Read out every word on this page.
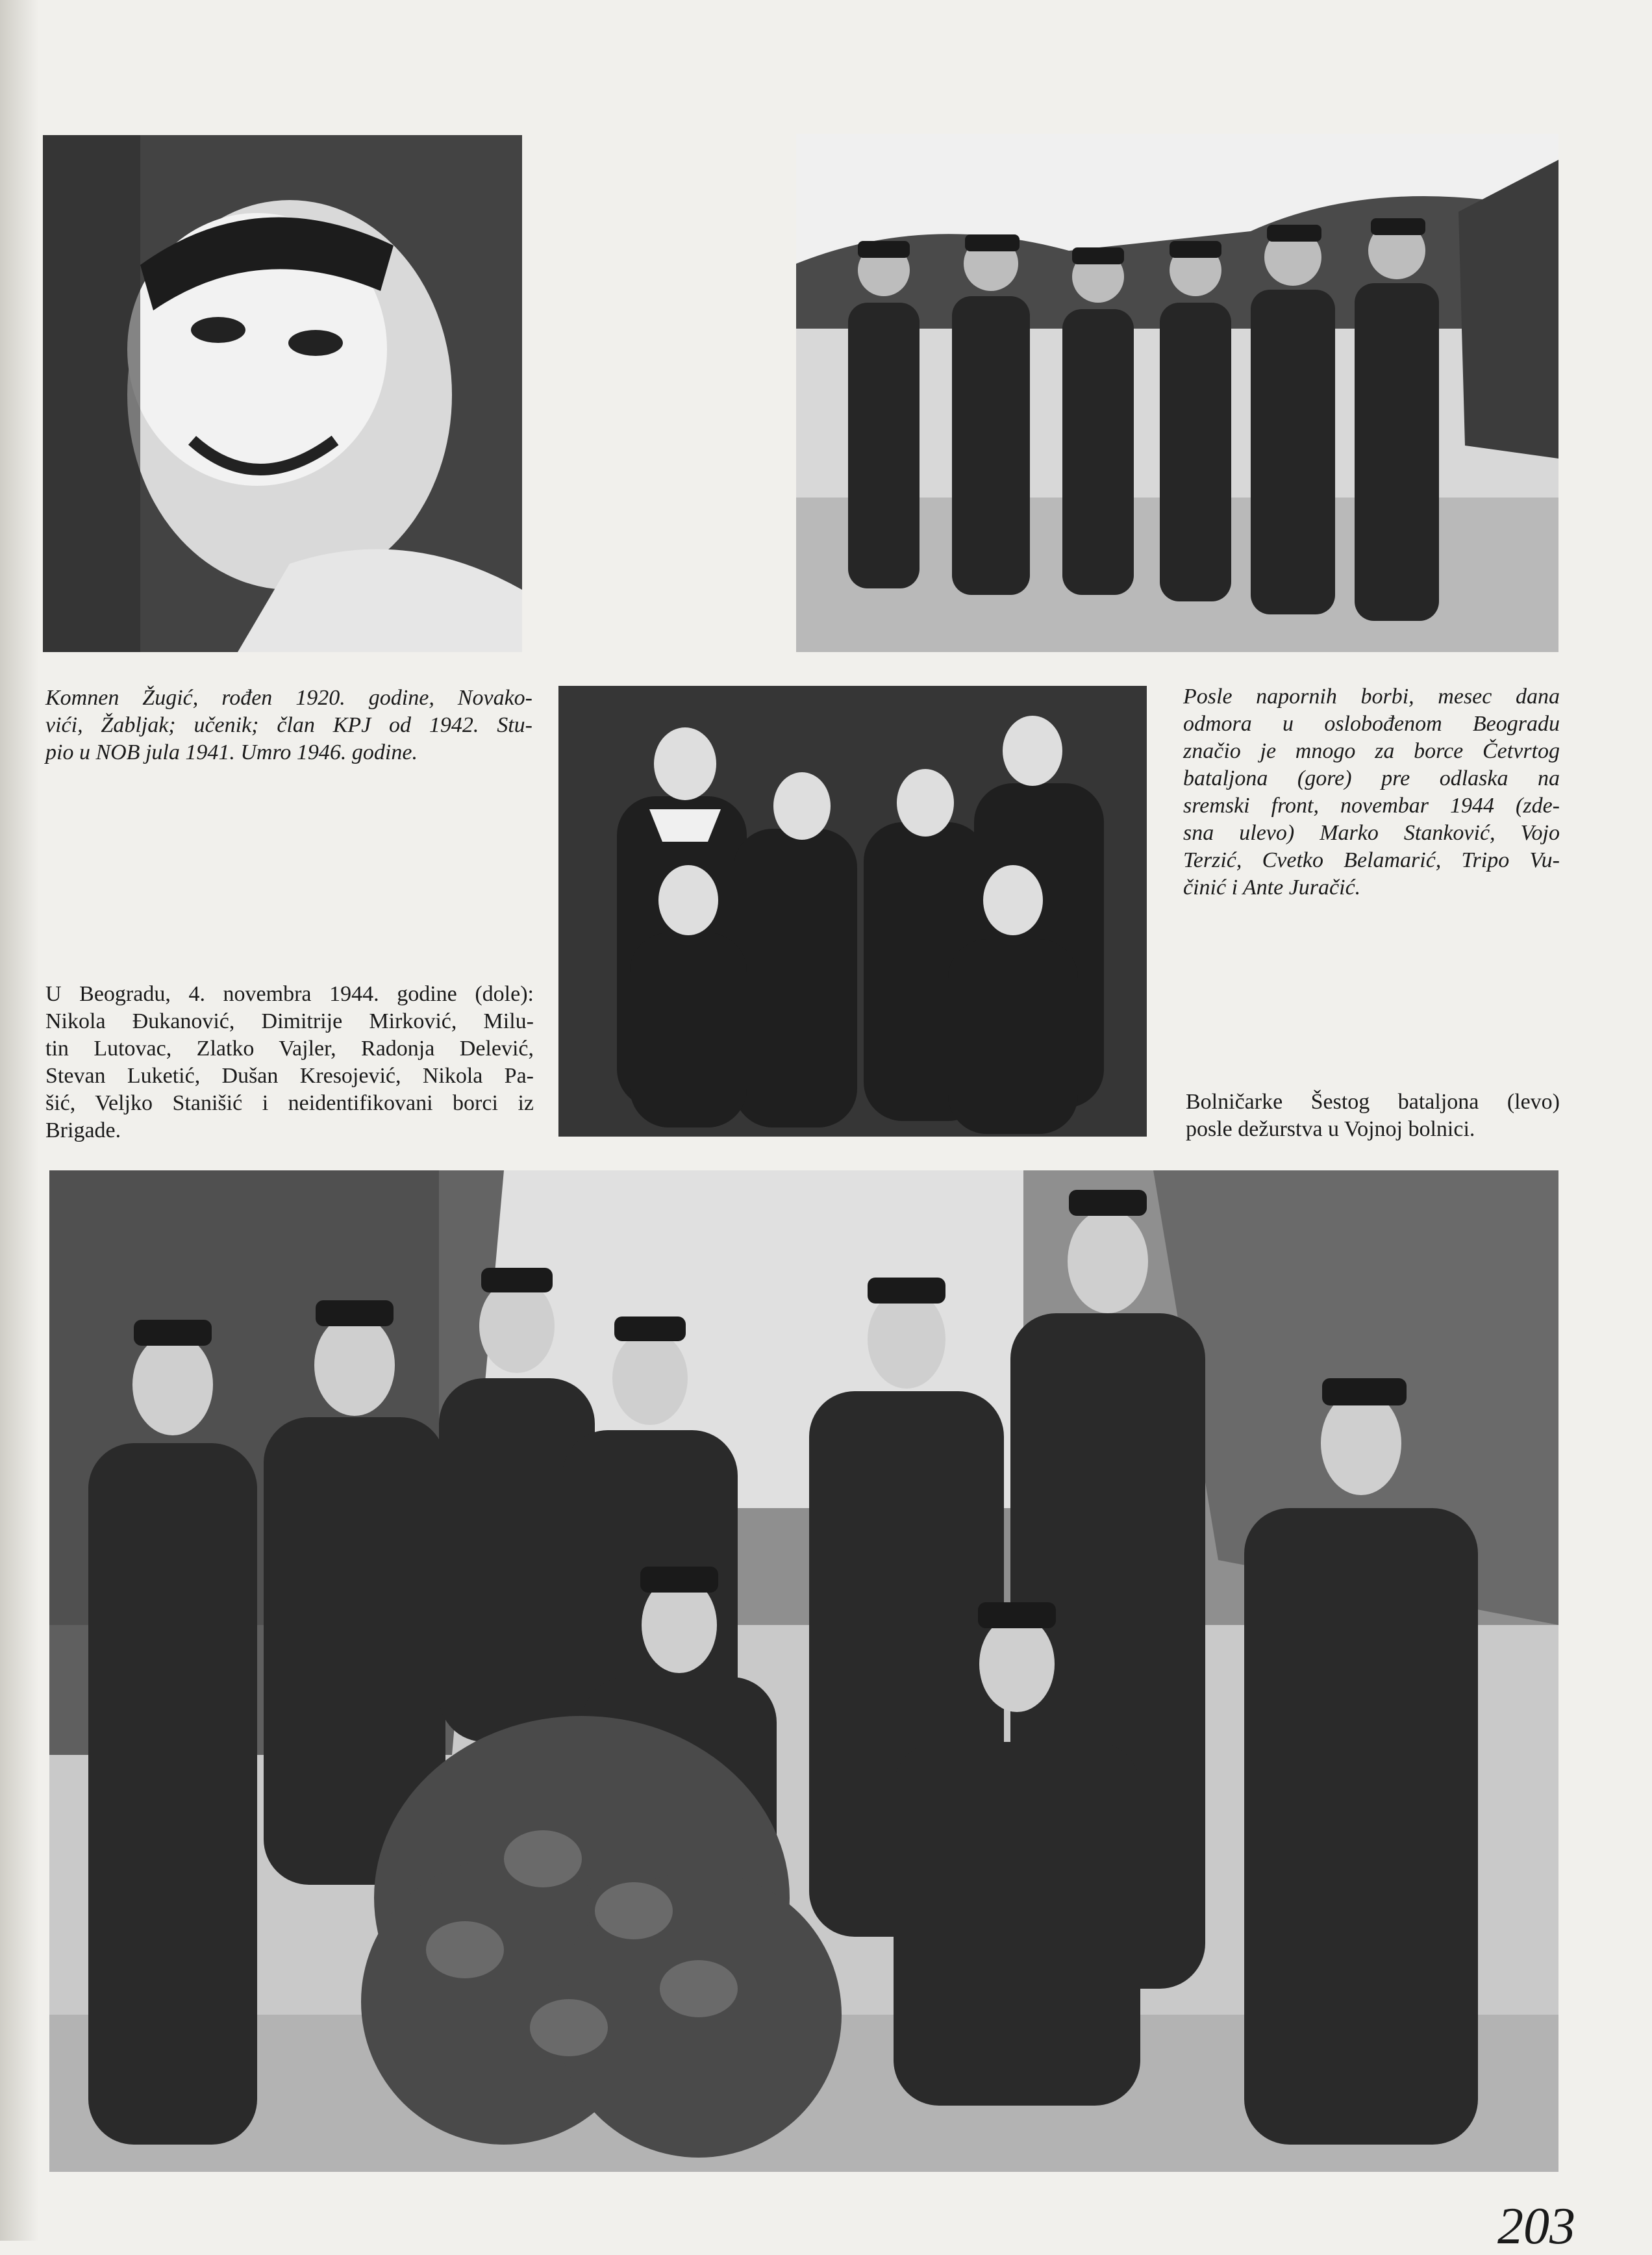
Komnen Žugić, rođen 1920. godine, Novako-
vići, Žabljak; učenik; član KPJ od 1942. Stu-
pio u NOB jula 1941. Umro 1946. godine.

Posle napornih borbi, mesec dana
odmora u oslobođenom Beogradu
značio je mnogo za borce Četvrtog
bataljona (gore) pre odlaska na
sremski front, novembar 1944 (zde-
sna ulevo) Marko Stanković, Vojo
Terzić, Cvetko Belamarić, Tripo Vu-
činić i Ante Juračić.

U Beogradu, 4. novembra 1944. godine (dole):
Nikola Đukanović, Dimitrije Mirković, Milu-
tin Lutovac, Zlatko Vajler, Radonja Delević,
Stevan Luketić, Dušan Kresojević, Nikola Pa-
šić, Veljko Stanišić i neidentifikovani borci iz
Brigade.

Bolničarke Šestog bataljona (levo)
posle dežurstva u Vojnoj bolnici.

203
